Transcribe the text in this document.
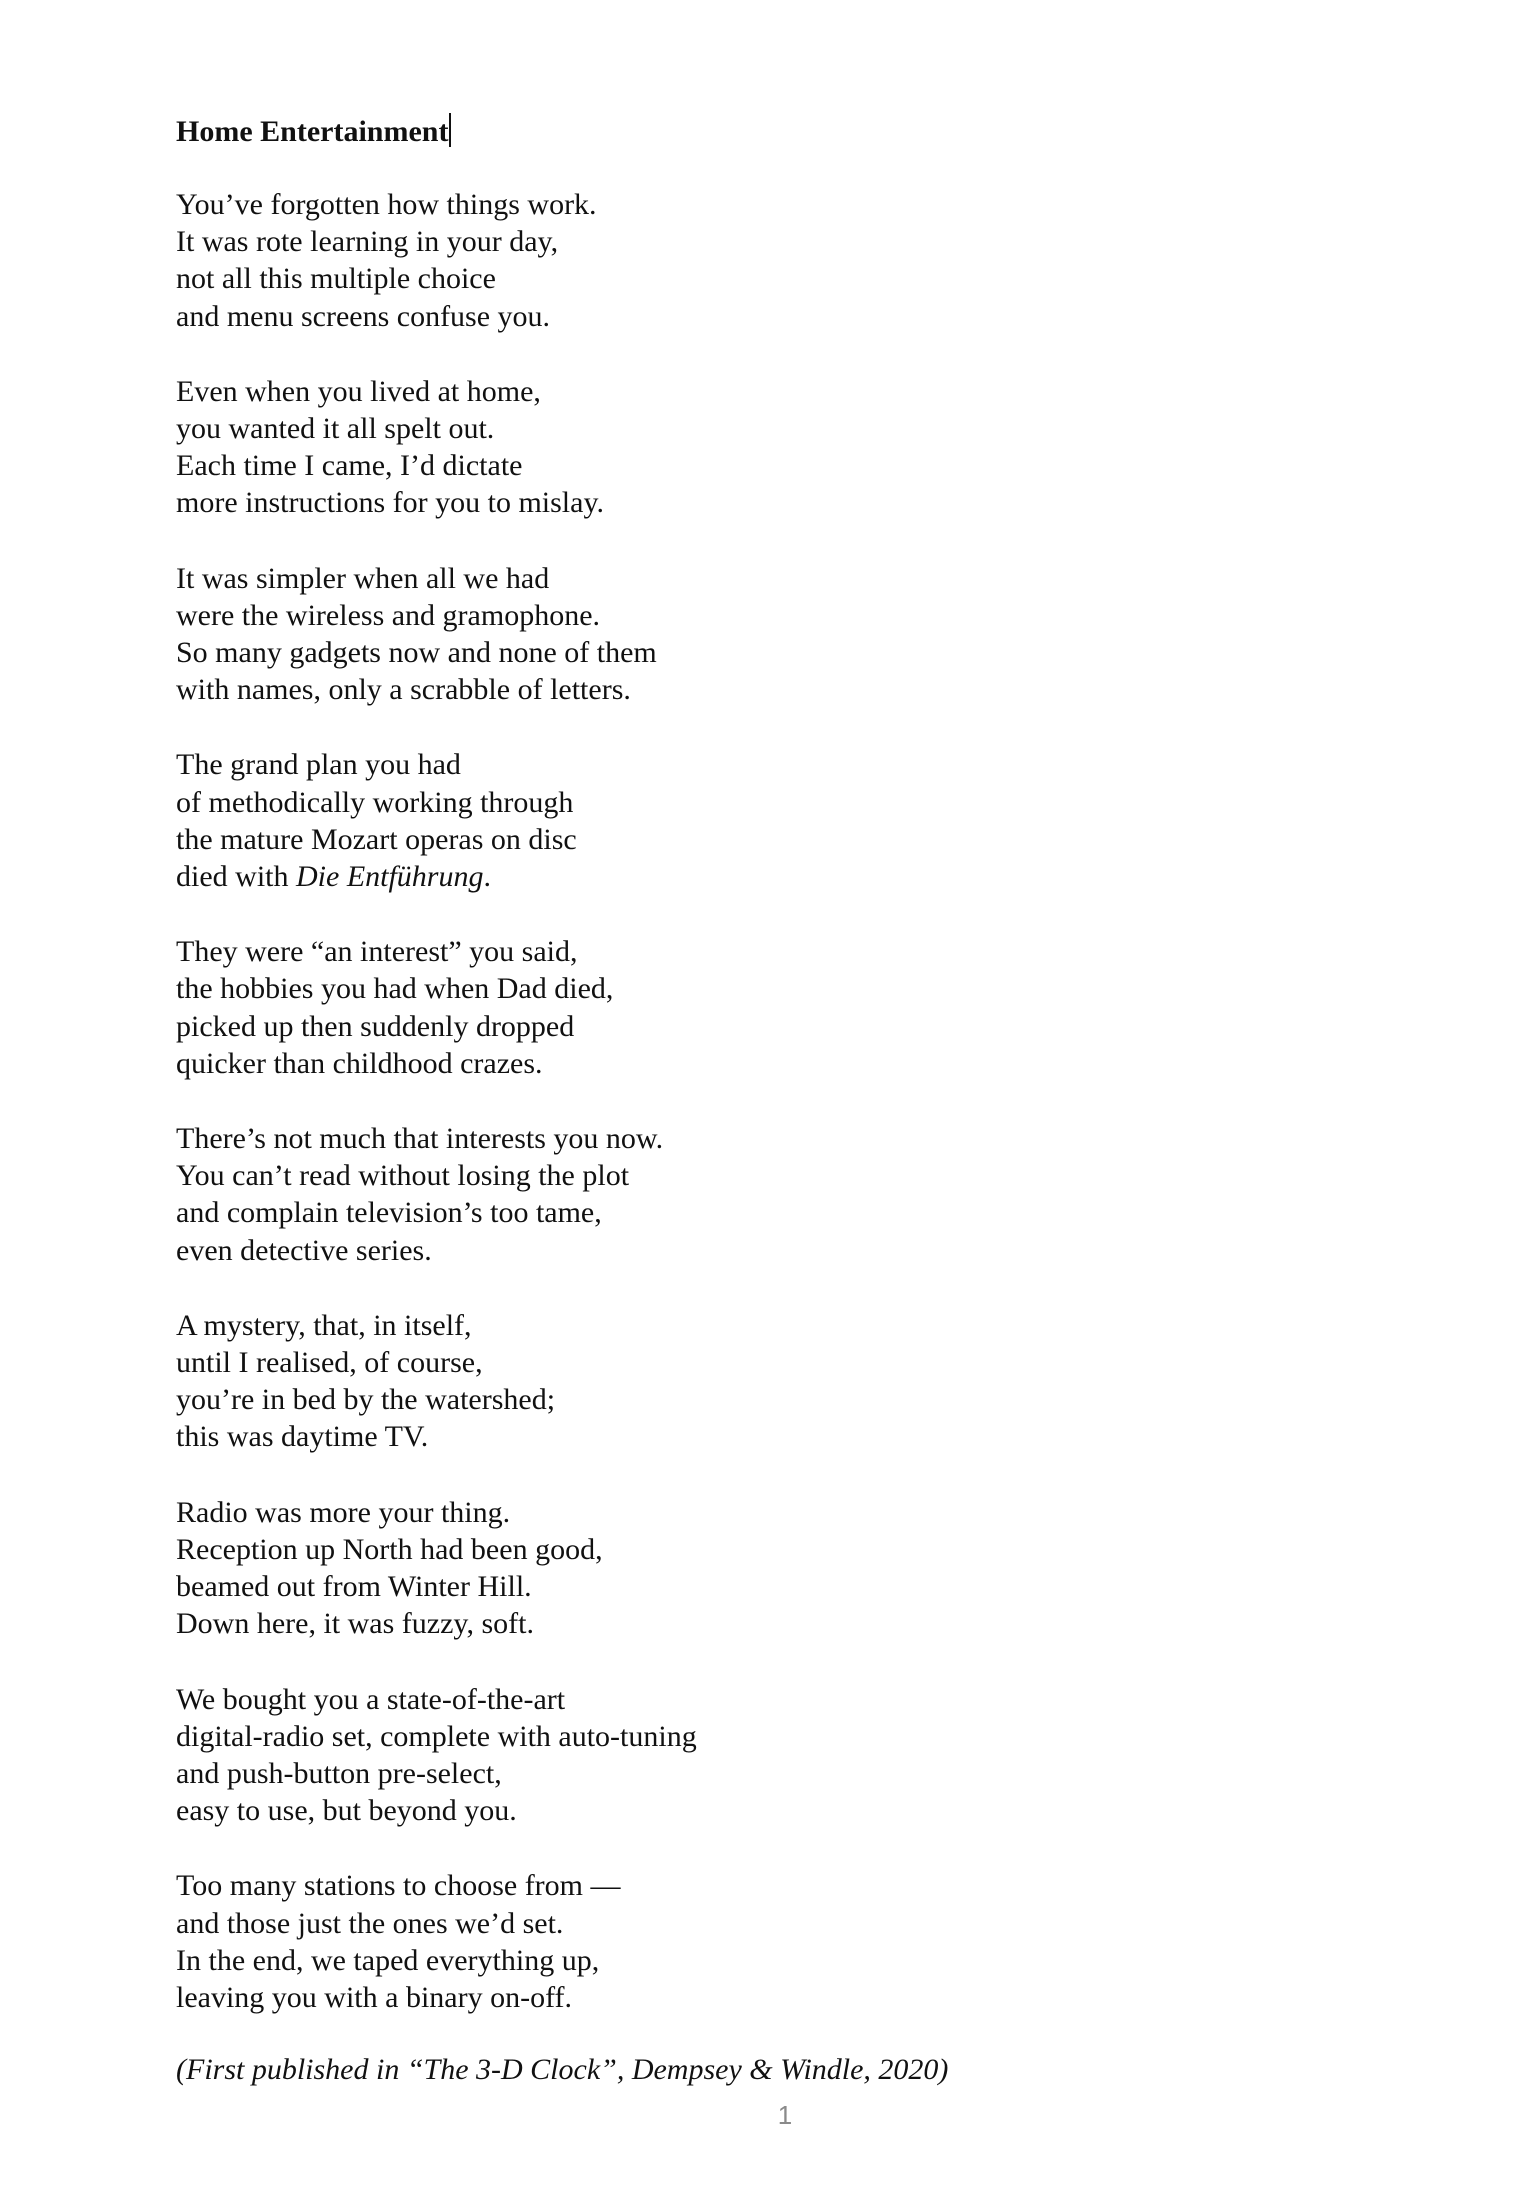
Home Entertainment
You’ve forgotten how things work.
It was rote learning in your day,
not all this multiple choice
and menu screens confuse you.
Even when you lived at home,
you wanted it all spelt out.
Each time I came, I’d dictate
more instructions for you to mislay.
It was simpler when all we had
were the wireless and gramophone.
So many gadgets now and none of them
with names, only a scrabble of letters.
The grand plan you had
of methodically working through
the mature Mozart operas on disc
died with Die Entführung.
They were “an interest” you said,
the hobbies you had when Dad died,
picked up then suddenly dropped
quicker than childhood crazes.
There’s not much that interests you now.
You can’t read without losing the plot
and complain television’s too tame,
even detective series.
A mystery, that, in itself,
until I realised, of course,
you’re in bed by the watershed;
this was daytime TV.
Radio was more your thing.
Reception up North had been good,
beamed out from Winter Hill.
Down here, it was fuzzy, soft.
We bought you a state-of-the-art
digital-radio set, complete with auto-tuning
and push-button pre-select,
easy to use, but beyond you.
Too many stations to choose from —
and those just the ones we’d set.
In the end, we taped everything up,
leaving you with a binary on-off.
(First published in “The 3-D Clock”, Dempsey & Windle, 2020)
1
